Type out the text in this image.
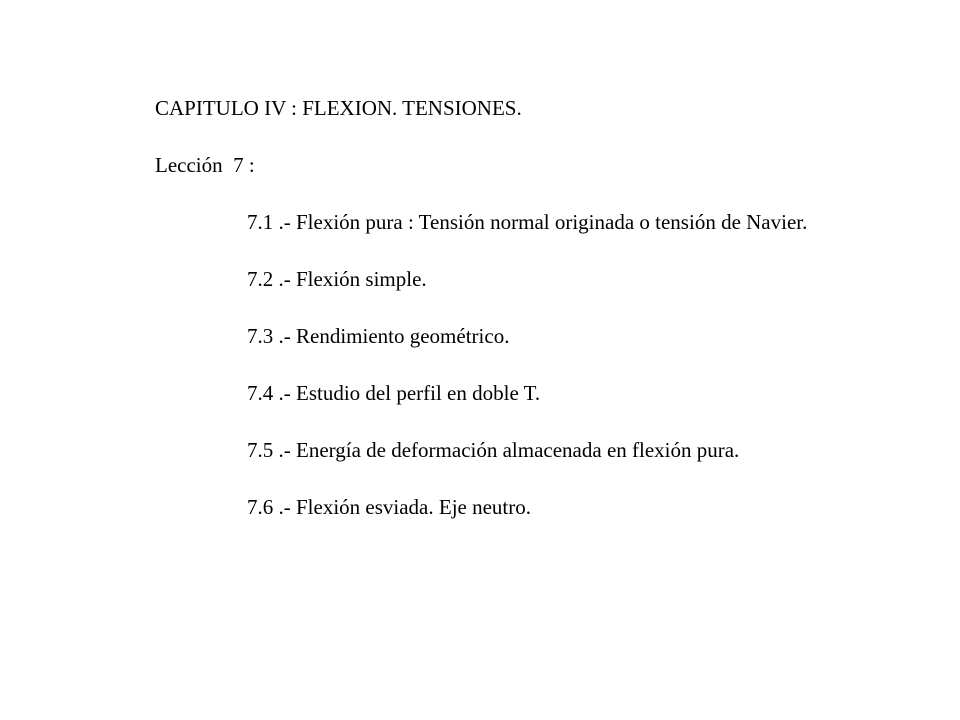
CAPITULO IV : FLEXION. TENSIONES.

Lección  7 :

7.1 .- Flexión pura : Tensión normal originada o tensión de Navier.

7.2 .- Flexión simple.

7.3 .- Rendimiento geométrico.

7.4 .- Estudio del perfil en doble T.

7.5 .- Energía de deformación almacenada en flexión pura.

7.6 .- Flexión esviada. Eje neutro.
